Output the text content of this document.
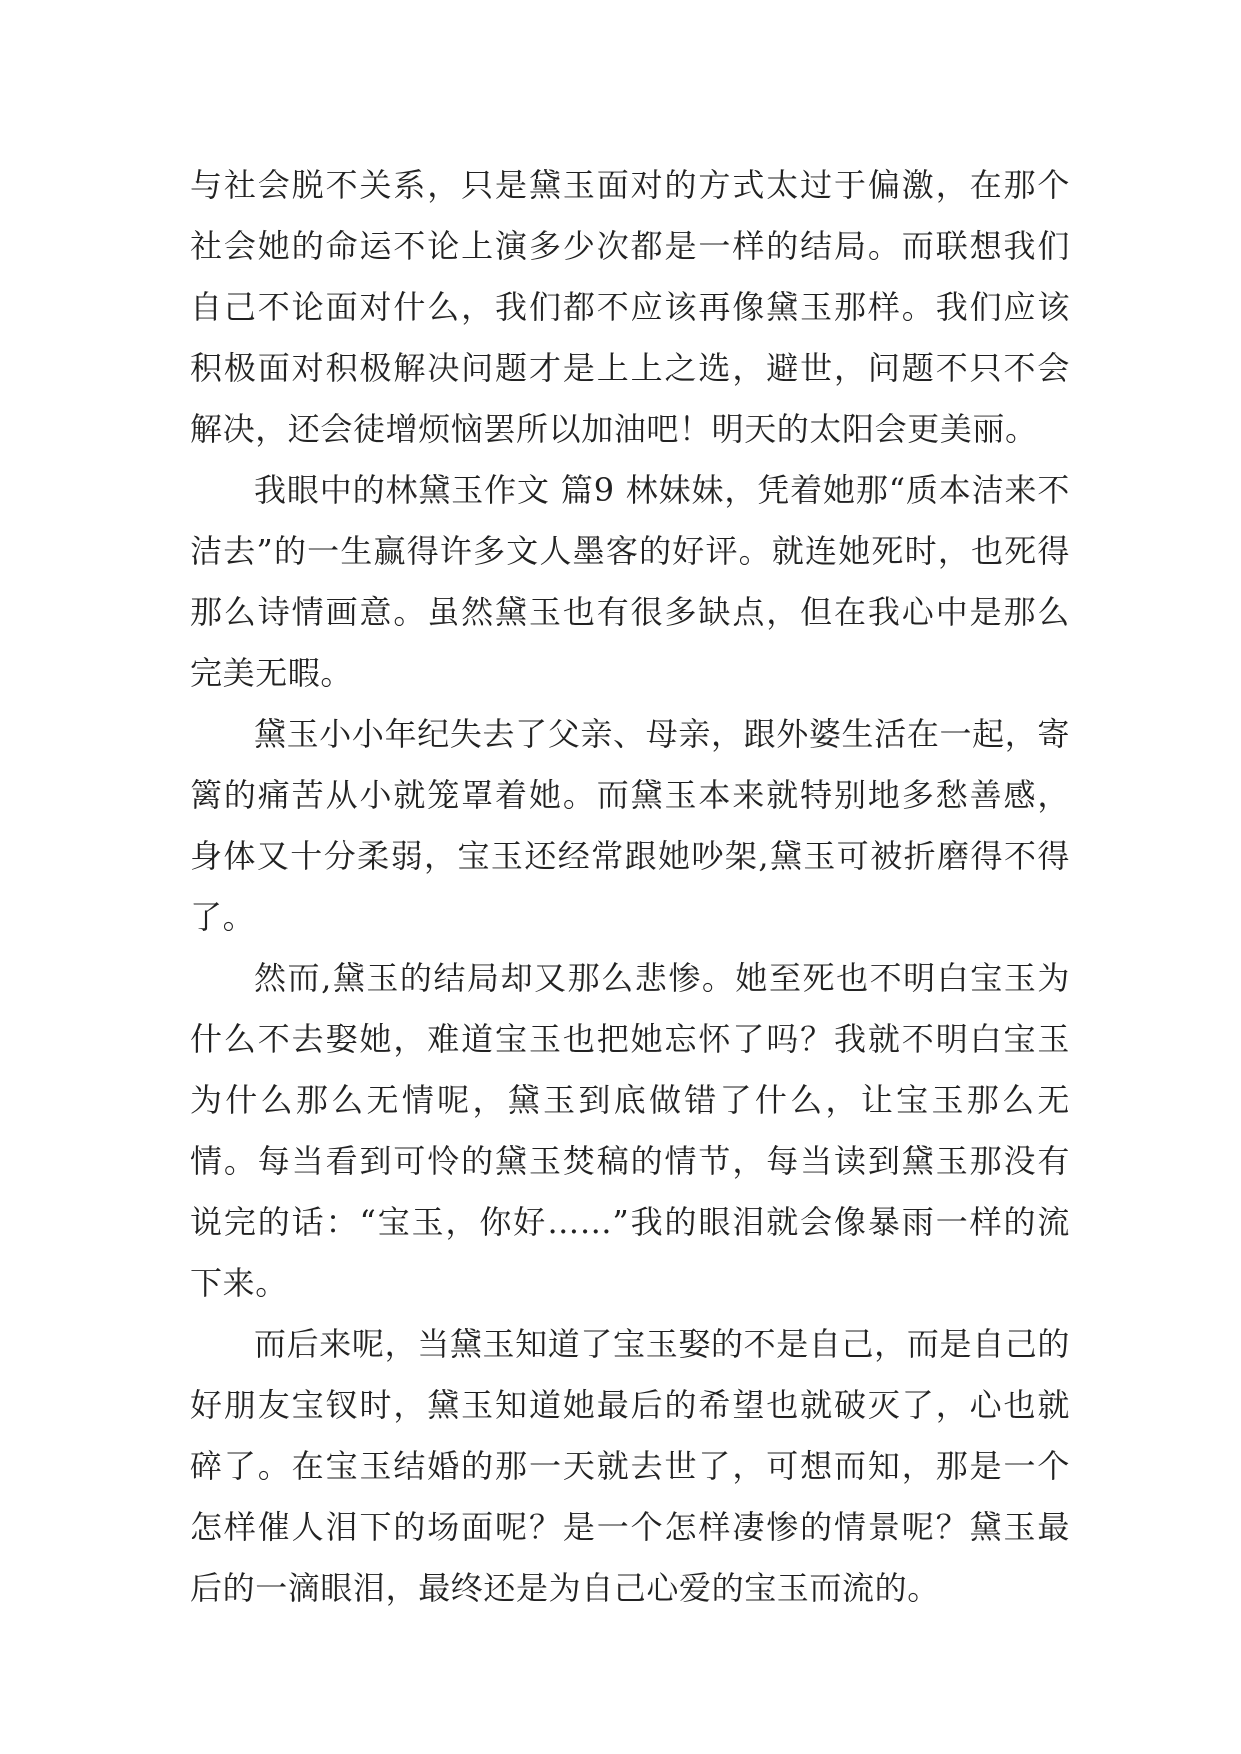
与社会脱不关系，只是黛玉面对的方式太过于偏激，在那个社会她的命运不论上演多少次都是一样的结局。而联想我们自己不论面对什么，我们都不应该再像黛玉那样。我们应该积极面对积极解决问题才是上上之选，避世，问题不只不会解决，还会徒增烦恼罢所以加油吧！明天的太阳会更美丽。

我眼中的林黛玉作文 篇9 林妹妹，凭着她那“质本洁来不洁去”的一生赢得许多文人墨客的好评。就连她死时，也死得那么诗情画意。虽然黛玉也有很多缺点，但在我心中是那么完美无暇。

黛玉小小年纪失去了父亲、母亲，跟外婆生活在一起，寄篱的痛苦从小就笼罩着她。而黛玉本来就特别地多愁善感，身体又十分柔弱，宝玉还经常跟她吵架,黛玉可被折磨得不得了。

然而,黛玉的结局却又那么悲惨。她至死也不明白宝玉为什么不去娶她，难道宝玉也把她忘怀了吗？我就不明白宝玉为什么那么无情呢，黛玉到底做错了什么，让宝玉那么无情。每当看到可怜的黛玉焚稿的情节，每当读到黛玉那没有说完的话：“宝玉，你好……”我的眼泪就会像暴雨一样的流下来。

而后来呢，当黛玉知道了宝玉娶的不是自己，而是自己的好朋友宝钗时，黛玉知道她最后的希望也就破灭了，心也就碎了。在宝玉结婚的那一天就去世了，可想而知，那是一个怎样催人泪下的场面呢？是一个怎样凄惨的情景呢？黛玉最后的一滴眼泪，最终还是为自己心爱的宝玉而流的。
